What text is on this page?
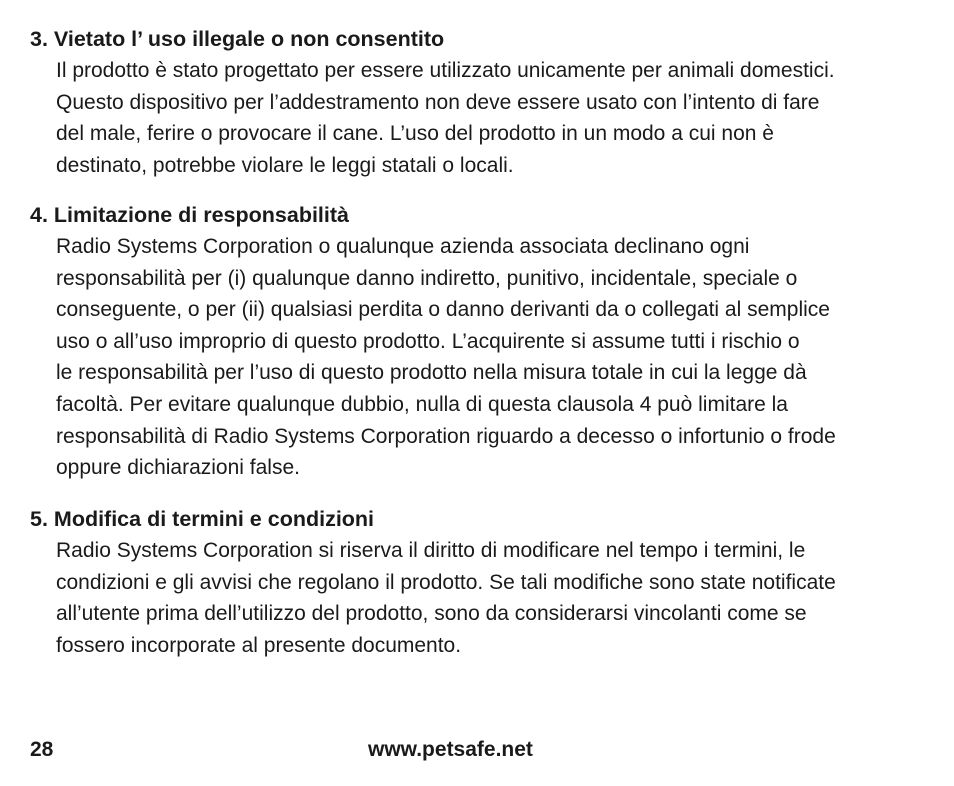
3. Vietato l’ uso illegale o non consentito
Il prodotto è stato progettato per essere utilizzato unicamente per animali domestici.
Questo dispositivo per l’addestramento non deve essere usato con l’intento di fare
del male, ferire o provocare il cane. L’uso del prodotto in un modo a cui non è
destinato, potrebbe violare le leggi statali o locali.
4. Limitazione di responsabilità
Radio Systems Corporation o qualunque azienda associata declinano ogni
responsabilità per (i) qualunque danno indiretto, punitivo, incidentale, speciale o
conseguente, o per (ii) qualsiasi perdita o danno derivanti da o collegati al semplice
uso o all’uso improprio di questo prodotto. L’acquirente si assume tutti i rischio o
le responsabilità per l’uso di questo prodotto nella misura totale in cui la legge dà
facoltà. Per evitare qualunque dubbio, nulla di questa clausola 4 può limitare la
responsabilità di Radio Systems Corporation riguardo a decesso o infortunio o frode
oppure dichiarazioni false.
5. Modifica di termini e condizioni
Radio Systems Corporation si riserva il diritto di modificare nel tempo i termini, le
condizioni e gli avvisi che regolano il prodotto. Se tali modifiche sono state notificate
all’utente prima dell’utilizzo del prodotto, sono da considerarsi vincolanti come se
fossero incorporate al presente documento.
28	www.petsafe.net
